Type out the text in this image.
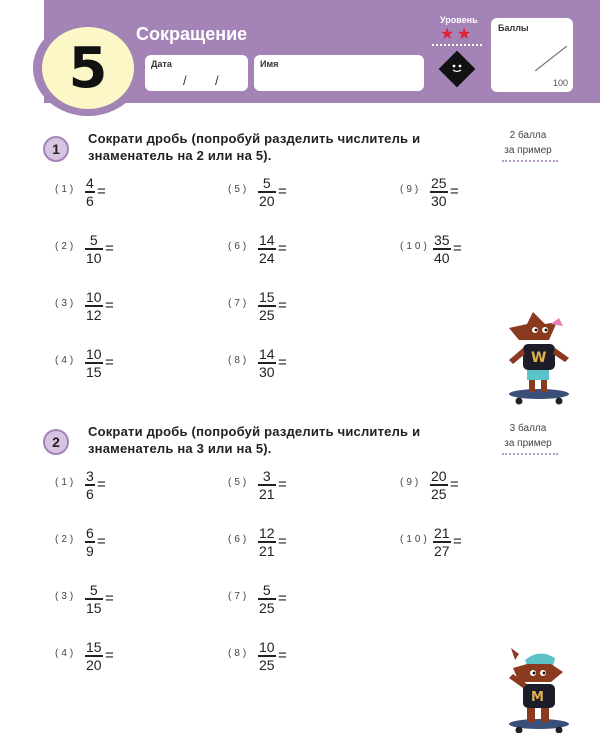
5
Сокращение
Дата
/ /
Имя
Уровень
★ ★	Баллы
100
1
Сократи дробь (попробуй разделить числитель и знаменатель на 2 или на 5).
2 балла
за пример
(1) 4
6
=
(2) 5
10
=
(3) 10
12
=
(4) 10
15
=
(5) 5
20
=
(6) 14
24
=
(7) 15
25
=
(8) 14
30
=
(9) 25
30
=
(10) 35
40
=
2
Сократи дробь (попробуй разделить числитель и знаменатель на 3 или на 5).
3 балла
за пример
(1) 3
6
=
(2) 6
9
=
(3) 5
15
=
(4) 15
20
=
(5) 3
21
=
(6) 12
21
=
(7) 5
25
=
(8) 10
25
=
(9) 20
25
=
(10) 21
27
=
W
M
